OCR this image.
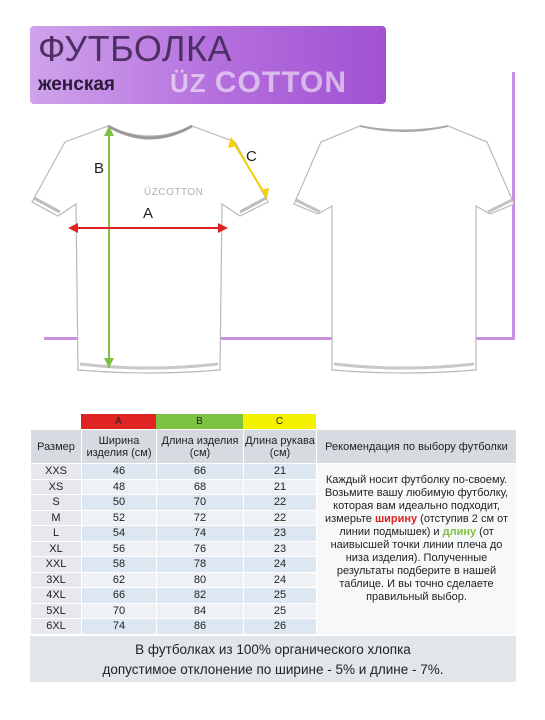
ФУТБОЛКА
женская ÜZ COTTON
B
A
C
ÜZCOTTON
A	B	C
Размер	Ширина изделия (см)	Длина изделия (см)	Длина рукава (см)	Рекомендация по выбору футболки
XXS	46	66	21	Каждый носит футболку по-своему. Возьмите вашу любимую футболку, которая вам идеально подходит, измерьте ширину (отступив 2 см от линии подмышек) и длину (от наивысшей точки линии плеча до низа изделия). Полученные результаты подберите в нашей таблице. И вы точно сделаете правильный выбор.
XS	48	68	21	
S	50	70	22	
M	52	72	22	
L	54	74	23	
XL	56	76	23	
XXL	58	78	24	
3XL	62	80	24	
4XL	66	82	25	
5XL	70	84	25	
6XL	74	86	26	
В футболках из 100% органического хлопка
допустимое отклонение по ширине - 5% и длине - 7%.
